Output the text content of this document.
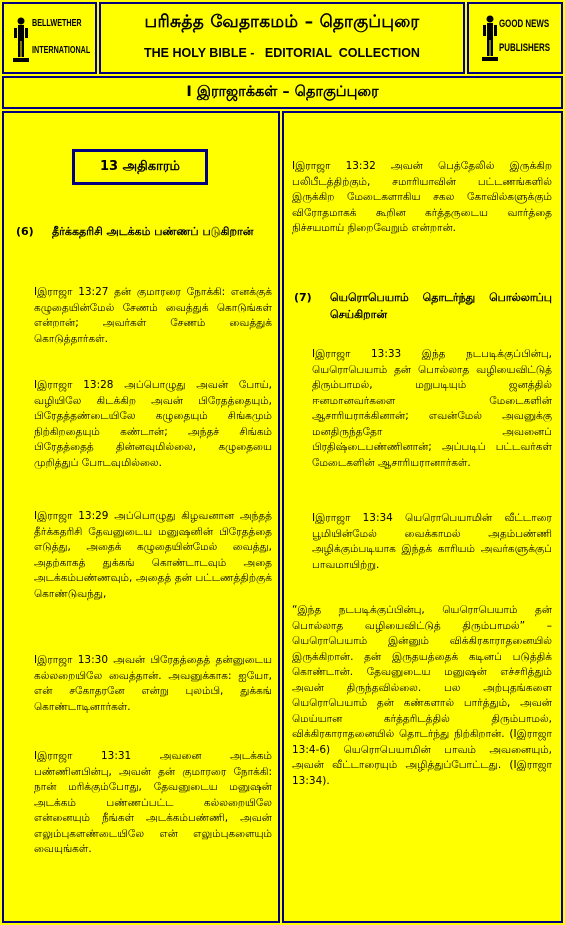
BELLWETHER
INTERNATIONAL
பரிசுத்த வேதாகமம் – தொகுப்புரை
THE HOLY BIBLE -   EDITORIAL  COLLECTION
GOOD NEWS
PUBLISHERS
I இராஜாக்கள் – தொகுப்புரை
13 அதிகாரம்
(6) தீர்க்கதரிசி அடக்கம் பண்ணப் படுகிறான்

Iஇராஜா 13:27 தன் குமாரரை நோக்கி: எனக்குக் கழுதையின்மேல் சேணம் வைத்துக் கொடுங்கள் என்றான்; அவர்கள் சேணம் வைத்துக் கொடுத்தார்கள்.

Iஇராஜா 13:28 அப்பொழுது அவன் போய், வழியிலே கிடக்கிற அவன் பிரேதத்தையும், பிரேதத்தண்டையிலே கழுதையும் சிங்கமும் நிற்கிறதையும் கண்டான்; அந்தச் சிங்கம் பிரேதத்தைத் தின்னவுமில்லை, கழுதையை முறித்துப் போடவுமில்லை.

Iஇராஜா 13:29 அப்பொழுது கிழவனான அந்தத் தீர்க்கதரிசி தேவனுடைய மனுஷனின் பிரேதத்தை எடுத்து, அதைக் கழுதையின்மேல் வைத்து, அதற்காகத் துக்கங் கொண்டாடவும் அதை அடக்கம்பண்ணவும், அதைத் தன் பட்டணத்திற்குக் கொண்டுவந்து,

Iஇராஜா 13:30 அவன் பிரேதத்தைத் தன்னுடைய கல்லறையிலே வைத்தான். அவனுக்காக: ஐயோ, என் சகோதரனே என்று புலம்பி, துக்கங் கொண்டாடினார்கள்.

Iஇராஜா 13:31 அவனை அடக்கம் பண்ணினபின்பு, அவன் தன் குமாரரை நோக்கி: நான் மரிக்கும்போது, தேவனுடைய மனுஷன் அடக்கம் பண்ணப்பட்ட கல்லறையிலே என்னையும் நீங்கள் அடக்கம்பண்ணி, அவன் எலும்புகளண்டையிலே என் எலும்புகளையும் வையுங்கள்.

Iஇராஜா 13:32 அவன் பெத்தேலில் இருக்கிற பலிபீடத்திற்கும், சமாரியாவின் பட்டணங்களில் இருக்கிற மேடைகளாகிய சகல கோவில்களுக்கும் விரோதமாகக் கூறின கர்த்தருடைய வார்த்தை நிச்சயமாய் நிறைவேறும் என்றான்.

(7) யெரொபெயாம் தொடர்ந்து பொல்லாப்பு செய்கிறான்

Iஇராஜா 13:33 இந்த நடபடிக்குப்பின்பு, யெரொபெயாம் தன் பொல்லாத வழியைவிட்டுத் திரும்பாமல், மறுபடியும் ஜனத்தில் ஈனமானவர்களை மேடைகளின் ஆசாரியராக்கினான்; எவன்மேல் அவனுக்கு மனதிருந்ததோ அவனைப் பிரதிஷ்டைபண்ணினான்; அப்படிப் பட்டவர்கள் மேடைகளின் ஆசாரியரானார்கள்.

Iஇராஜா 13:34 யெரொபெயாமின் வீட்டாரை பூமியின்மேல் வைக்காமல் அதம்பண்ணி அழிக்கும்படியாக இந்தக் காரியம் அவர்களுக்குப் பாவமாயிற்று.

“இந்த நடபடிக்குப்பின்பு, யெரொபெயாம் தன் பொல்லாத வழியைவிட்டுத் திரும்பாமல்” – யெரொபெயாம் இன்னும் விக்கிரகாராதனையில் இருக்கிறான். தன் இருதயத்தைக் கடினப் படுத்திக் கொண்டான். தேவனுடைய மனுஷன் எச்சரித்தும் அவன் திருந்தவில்லை. பல அற்புதங்களை யெரொபெயாம் தன் கண்களால் பார்த்தும், அவன் மெய்யான கர்த்தரிடத்தில் திரும்பாமல், விக்கிரகாராதனையில் தொடர்ந்து நிற்கிறான். (Iஇராஜா 13:4-6) யெரொபெயாமின் பாவம் அவனையும், அவன் வீட்டாரையும் அழித்துப்போட்டது. (Iஇராஜா 13:34).
